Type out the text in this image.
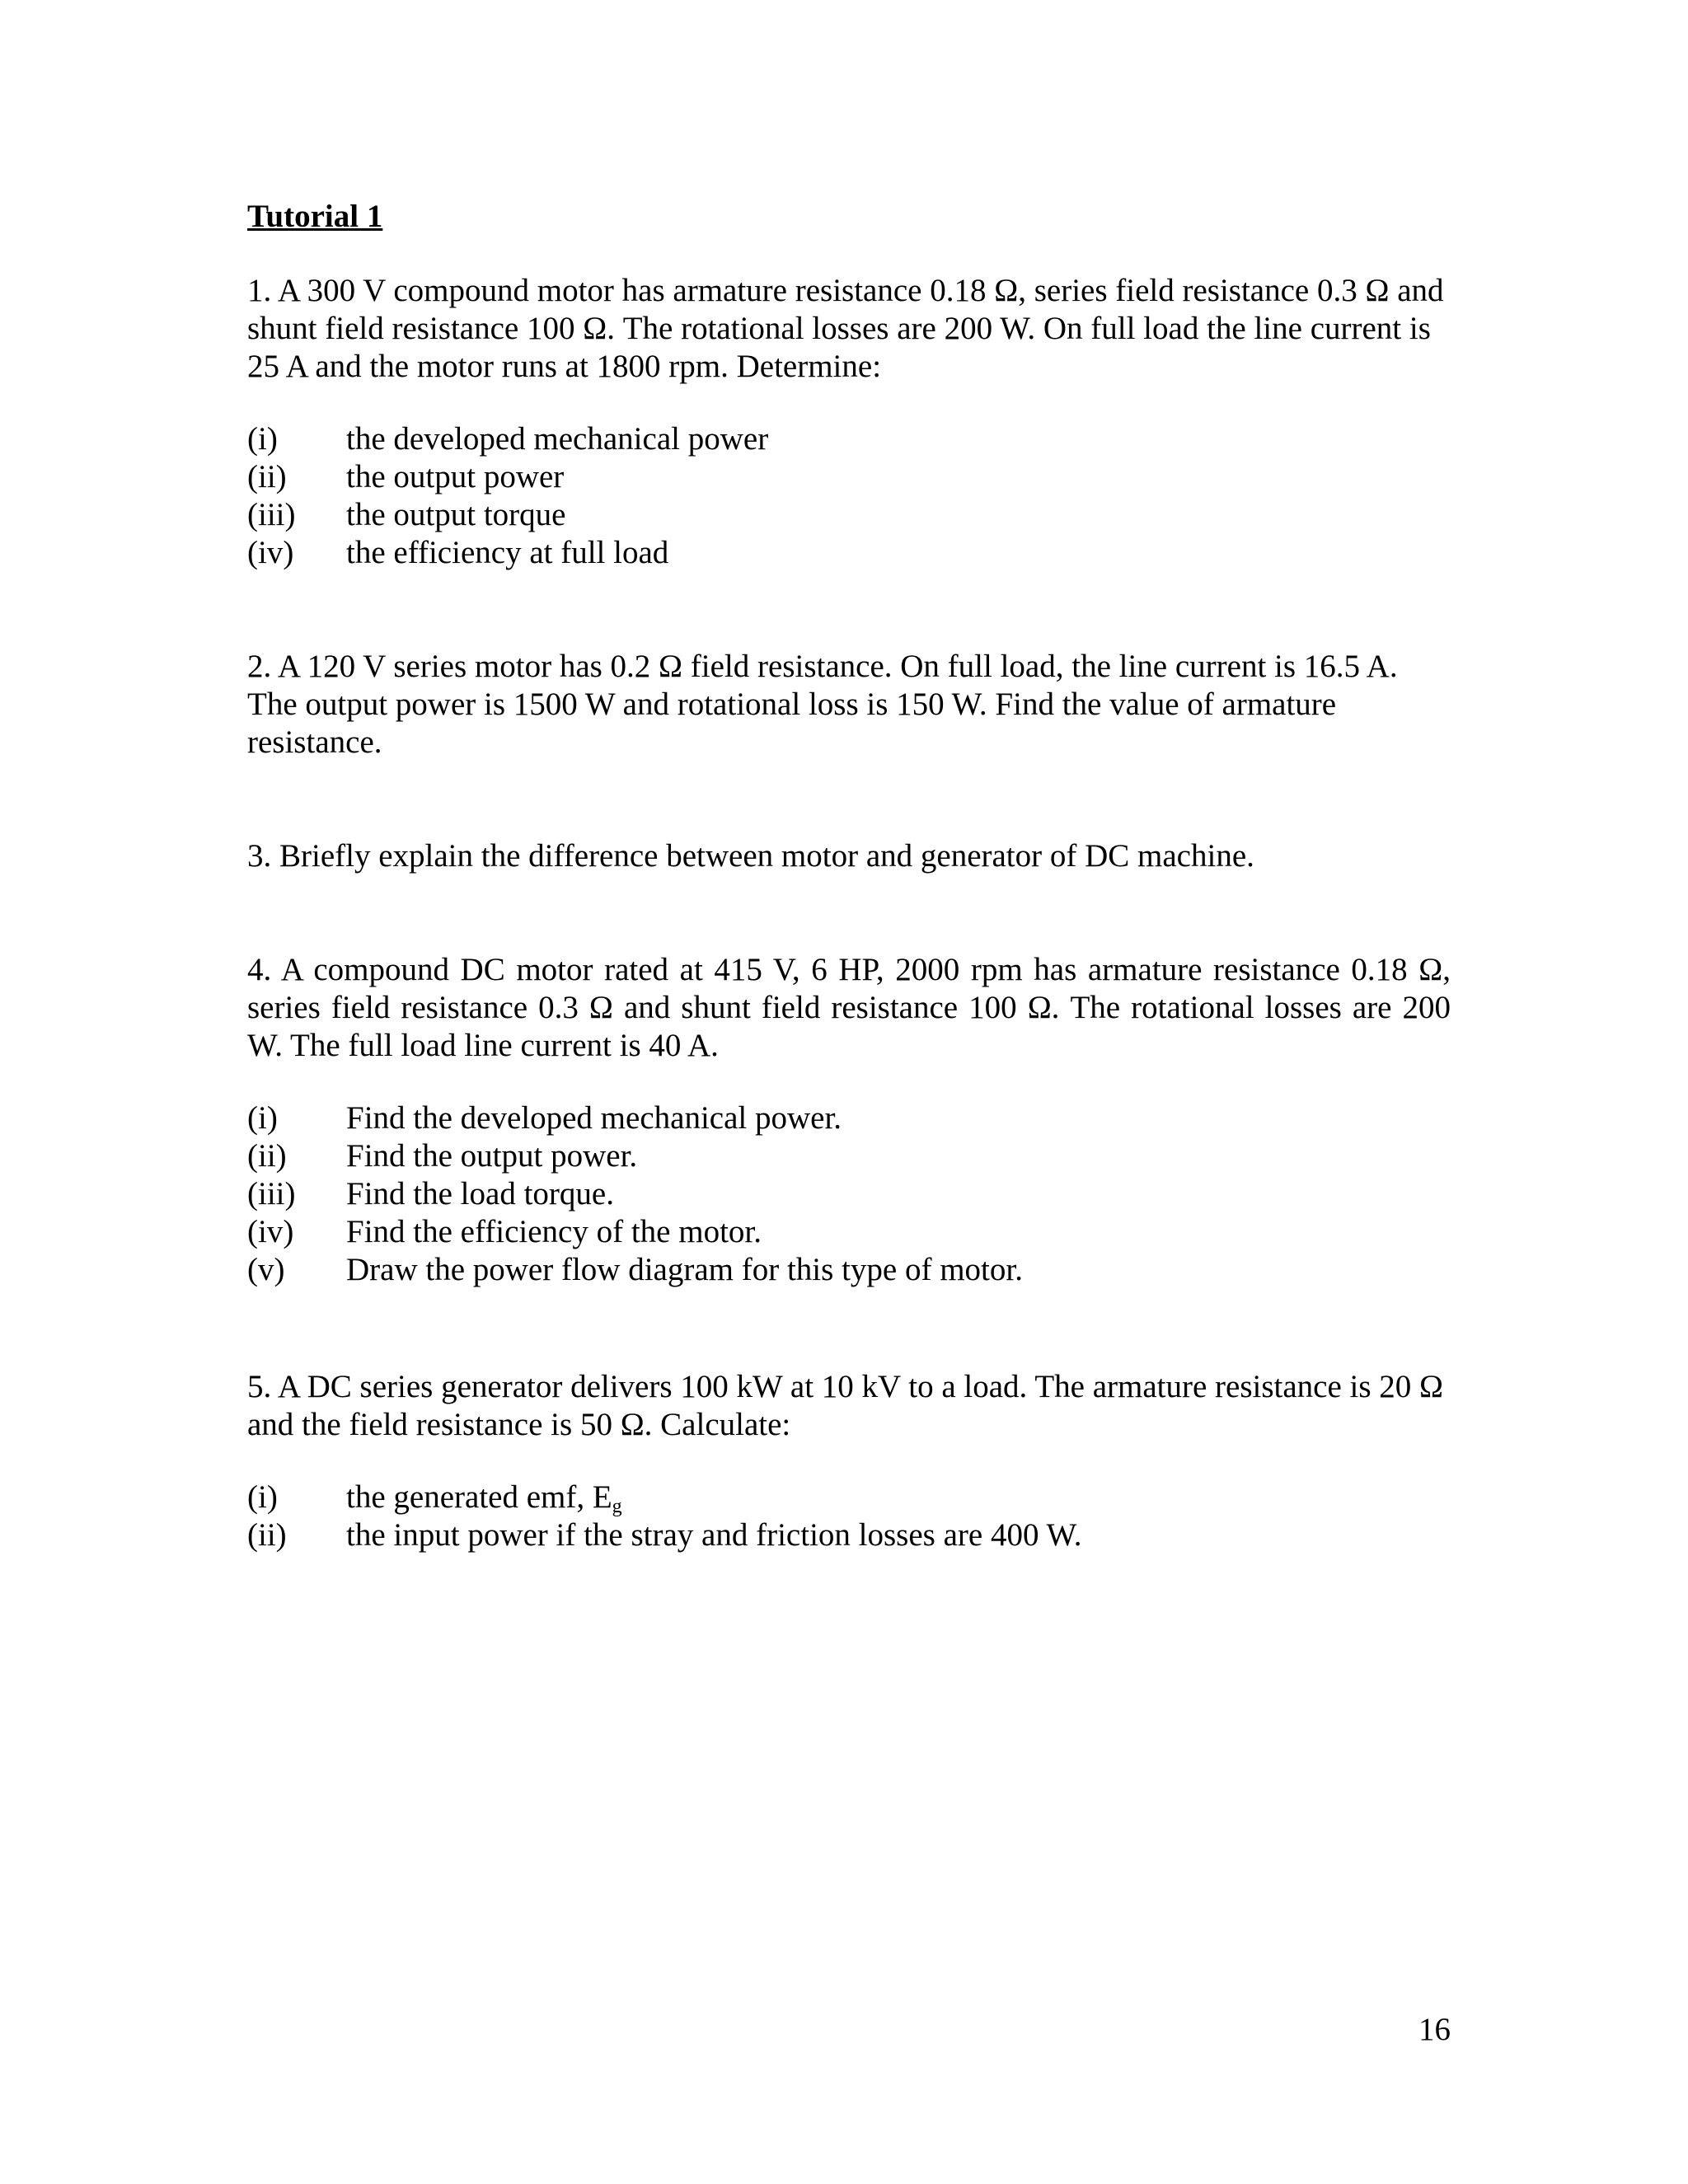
Tutorial 1

1. A 300 V compound motor has armature resistance 0.18 Ω, series field resistance 0.3 Ω and shunt field resistance 100 Ω. The rotational losses are 200 W. On full load the line current is 25 A and the motor runs at 1800 rpm. Determine:

(i)	the developed mechanical power
(ii)	the output power
(iii)	the output torque
(iv)	the efficiency at full load

2. A 120 V series motor has 0.2 Ω field resistance. On full load, the line current is 16.5 A. The output power is 1500 W and rotational loss is 150 W. Find the value of armature resistance.

3. Briefly explain the difference between motor and generator of DC machine.

4. A compound DC motor rated at 415 V, 6 HP, 2000 rpm has armature resistance 0.18 Ω, series field resistance 0.3 Ω and shunt field resistance 100 Ω. The rotational losses are 200 W. The full load line current is 40 A.

(i)	Find the developed mechanical power.
(ii)	Find the output power.
(iii)	Find the load torque.
(iv)	Find the efficiency of the motor.
(v)	Draw the power flow diagram for this type of motor.

5. A DC series generator delivers 100 kW at 10 kV to a load. The armature resistance is 20 Ω and the field resistance is 50 Ω. Calculate:

(i)	the generated emf, $E_g$
(ii)	the input power if the stray and friction losses are 400 W.
16
